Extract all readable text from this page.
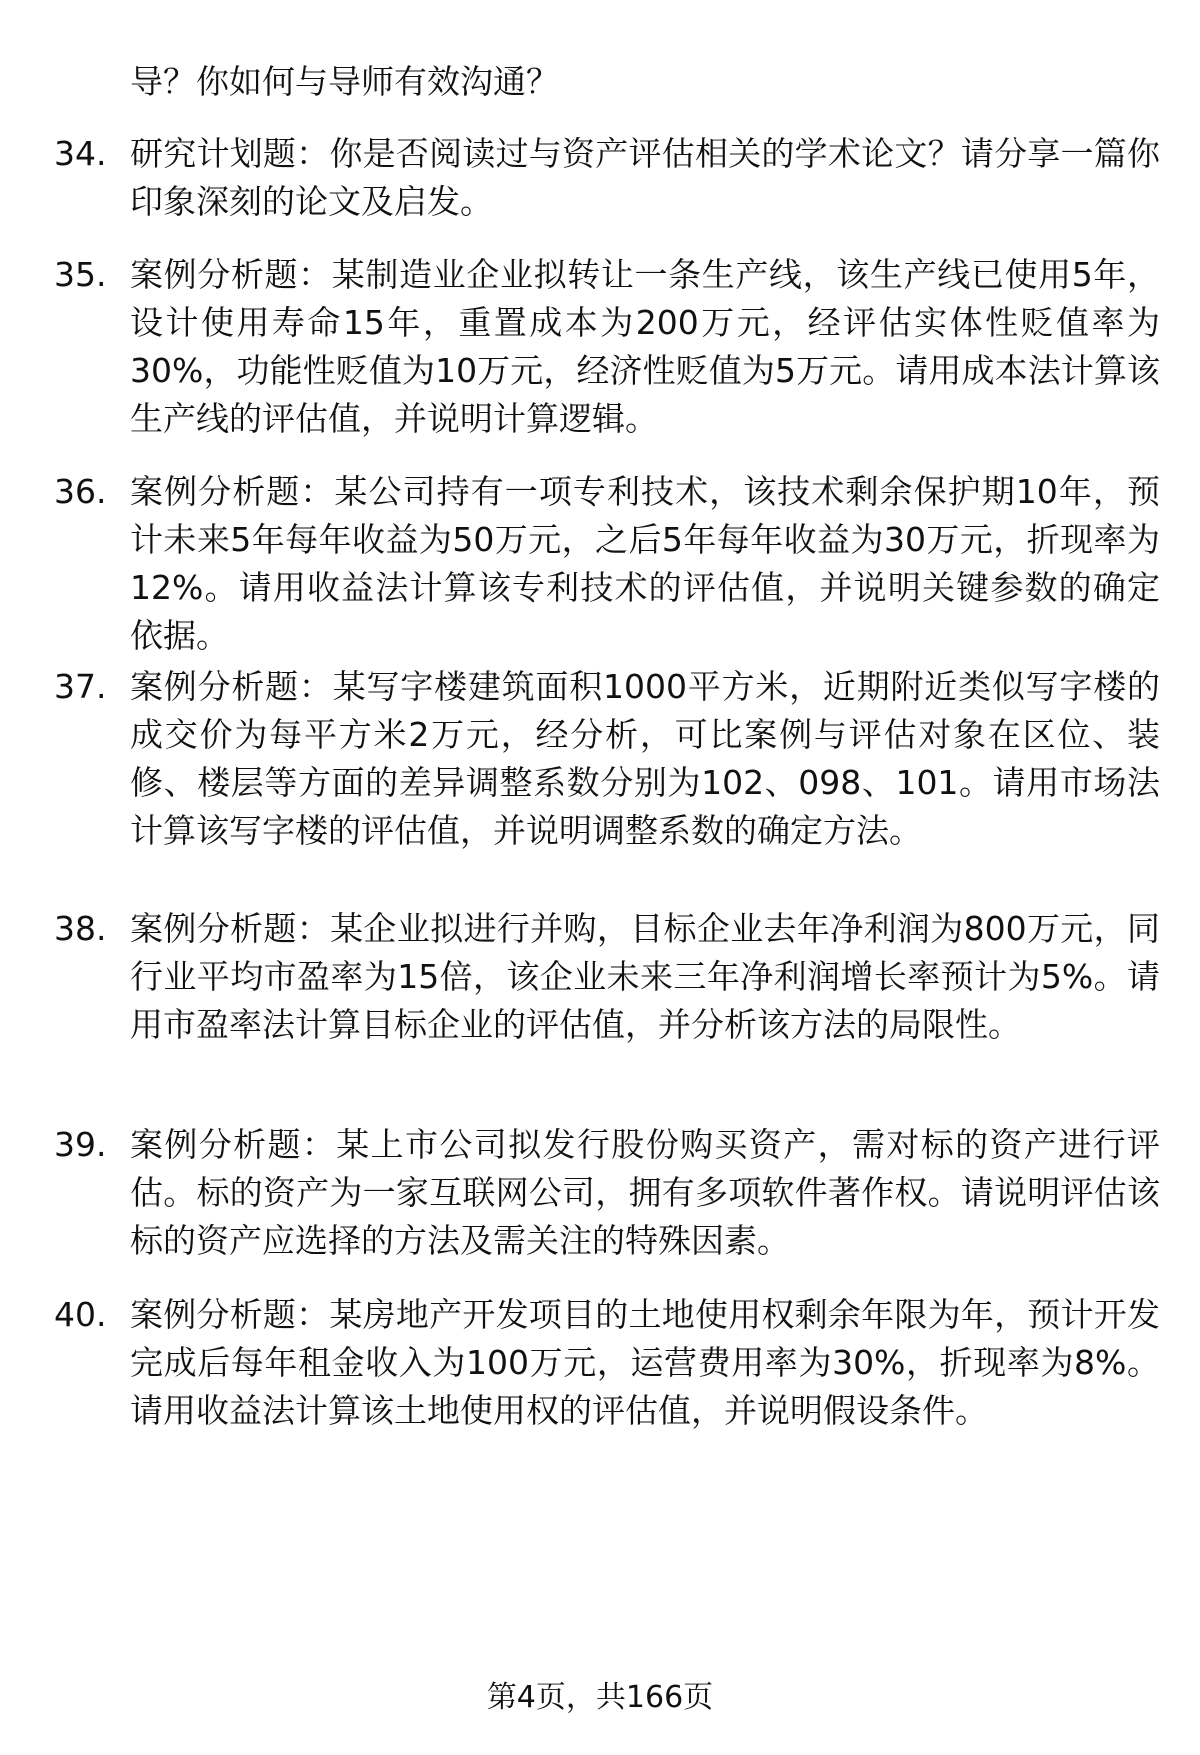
导？你如何与导师有效沟通？
34. 研究计划题：你是否阅读过与资产评估相关的学术论文？请分享一篇你印象深刻的论文及启发。
35. 案例分析题：某制造业企业拟转让一条生产线，该生产线已使用5年，设计使用寿命15年，重置成本为200万元，经评估实体性贬值率为30%，功能性贬值为10万元，经济性贬值为5万元。请用成本法计算该生产线的评估值，并说明计算逻辑。
36. 案例分析题：某公司持有一项专利技术，该技术剩余保护期10年，预计未来5年每年收益为50万元，之后5年每年收益为30万元，折现率为12%。请用收益法计算该专利技术的评估值，并说明关键参数的确定依据。
37. 案例分析题：某写字楼建筑面积1000平方米，近期附近类似写字楼的成交价为每平方米2万元，经分析，可比案例与评估对象在区位、装修、楼层等方面的差异调整系数分别为102、098、101。请用市场法计算该写字楼的评估值，并说明调整系数的确定方法。
38. 案例分析题：某企业拟进行并购，目标企业去年净利润为800万元，同行业平均市盈率为15倍，该企业未来三年净利润增长率预计为5%。请用市盈率法计算目标企业的评估值，并分析该方法的局限性。
39. 案例分析题：某上市公司拟发行股份购买资产，需对标的资产进行评估。标的资产为一家互联网公司，拥有多项软件著作权。请说明评估该标的资产应选择的方法及需关注的特殊因素。
40. 案例分析题：某房地产开发项目的土地使用权剩余年限为年，预计开发完成后每年租金收入为100万元，运营费用率为30%，折现率为8%。请用收益法计算该土地使用权的评估值，并说明假设条件。
第4页，共166页
